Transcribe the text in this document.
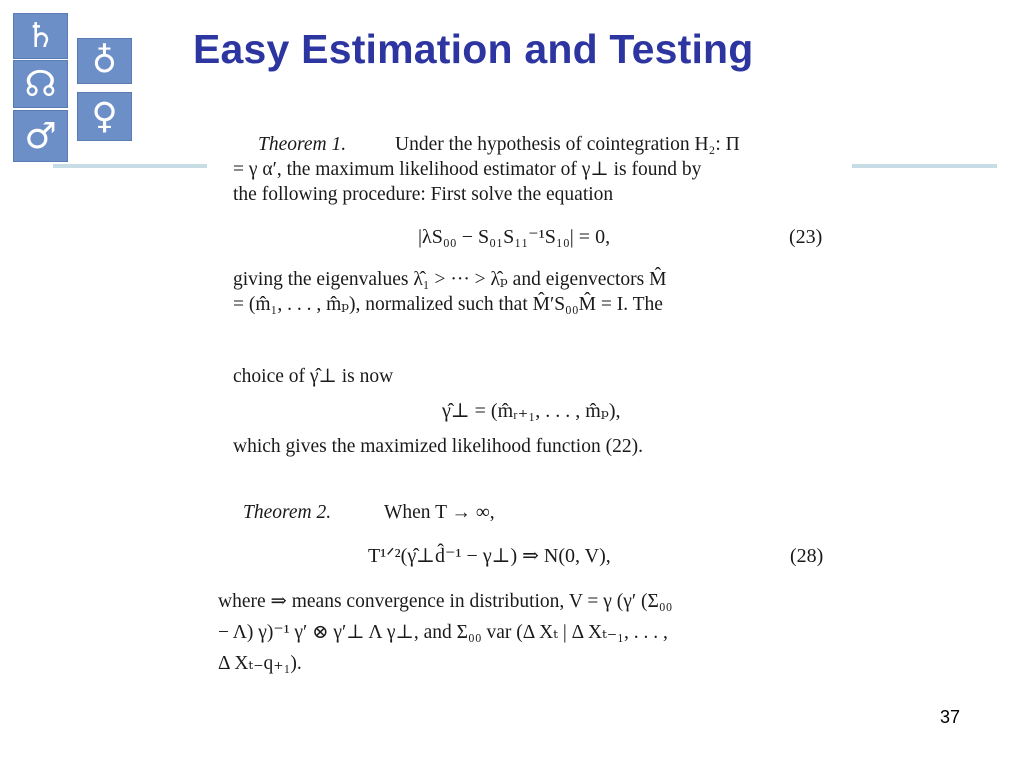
♄
☊
♂
♁
♀
Easy Estimation and Testing
Theorem 1.	Under the hypothesis of cointegration H₂: Π
= γ α′, the maximum likelihood estimator of γ⊥ is found by
the following procedure: First solve the equation
|λS₀₀ − S₀₁S₁₁⁻¹S₁₀| = 0,	(23)
giving the eigenvalues λ̂₁ > ··· > λ̂ₚ and eigenvectors M̂
= (m̂₁, . . . , m̂ₚ), normalized such that M̂′S₀₀M̂ = I. The
choice of γ̂⊥ is now
γ̂⊥ = (m̂ᵣ₊₁, . . . , m̂ₚ),
which gives the maximized likelihood function (22).
Theorem 2.	When T → ∞,
T¹ᐟ²(γ̂⊥d̂⁻¹ − γ⊥) ⇒ N(0, V),	(28)
where ⇒ means convergence in distribution, V = γ (γ′ (Σ₀₀
− Λ) γ)⁻¹ γ′ ⊗ γ′⊥ Λ γ⊥, and Σ₀₀ var (Δ Xₜ | Δ Xₜ₋₁, . . . ,
Δ Xₜ₋q₊₁).
37
